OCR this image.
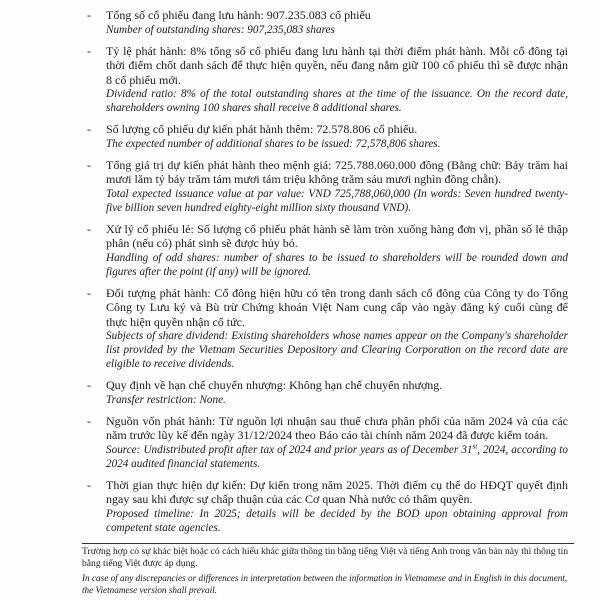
- Tổng số cổ phiếu đang lưu hành: 907.235.083 cổ phiếu
Number of outstanding shares: 907,235,083 shares
- Tỷ lệ phát hành: 8% tổng số cổ phiếu đang lưu hành tại thời điểm phát hành. Mỗi cổ đông tại thời điểm chốt danh sách để thực hiện quyền, nếu đang nắm giữ 100 cổ phiếu thì sẽ được nhận 8 cổ phiếu mới.
Dividend ratio: 8% of the total outstanding shares at the time of the issuance. On the record date, shareholders owning 100 shares shall receive 8 additional shares.
- Số lượng cổ phiếu dự kiến phát hành thêm: 72.578.806 cổ phiếu.
The expected number of additional shares to be issued: 72,578,806 shares.
- Tổng giá trị dự kiến phát hành theo mệnh giá: 725.788.060.000 đồng (Bằng chữ: Bảy trăm hai mươi lăm tỷ bảy trăm tám mươi tám triệu không trăm sáu mươi nghìn đồng chẵn).
Total expected issuance value at par value: VND 725,788,060,000 (In words: Seven hundred twenty-five billion seven hundred eighty-eight million sixty thousand VND).
- Xử lý cổ phiếu lẻ: Số lượng cổ phiếu phát hành sẽ làm tròn xuống hàng đơn vị, phần số lẻ thập phân (nếu có) phát sinh sẽ được hủy bỏ.
Handling of odd shares: number of shares to be issued to shareholders will be rounded down and figures after the point (if any) will be ignored.
- Đối tượng phát hành: Cổ đông hiện hữu có tên trong danh sách cổ đông của Công ty do Tổng Công ty Lưu ký và Bù trừ Chứng khoán Việt Nam cung cấp vào ngày đăng ký cuối cùng để thực hiện quyền nhận cổ tức.
Subjects of share dividend: Existing shareholders whose names appear on the Company's shareholder list provided by the Vietnam Securities Depository and Clearing Corporation on the record date are eligible to receive dividends.
- Quy định về hạn chế chuyển nhượng: Không hạn chế chuyển nhượng.
Transfer restriction: None.
- Nguồn vốn phát hành: Từ nguồn lợi nhuận sau thuế chưa phân phối của năm 2024 và của các năm trước lũy kế đến ngày 31/12/2024 theo Báo cáo tài chính năm 2024 đã được kiểm toán.
Source: Undistributed profit after tax of 2024 and prior years as of December 31st, 2024, according to 2024 audited financial statements.
- Thời gian thực hiện dự kiến: Dự kiến trong năm 2025. Thời điểm cụ thể do HĐQT quyết định ngay sau khi được sự chấp thuận của các Cơ quan Nhà nước có thẩm quyền.
Proposed timeline: In 2025; details will be decided by the BOD upon obtaining approval from competent state agencies.

Trường hợp có sự khác biệt hoặc có cách hiểu khác giữa thông tin bằng tiếng Việt và tiếng Anh trong văn bản này thì thông tin bằng tiếng Việt được áp dụng.

In case of any discrepancies or differences in interpretation between the information in Vietnamese and in English in this document, the Vietnamese version shall prevail.
